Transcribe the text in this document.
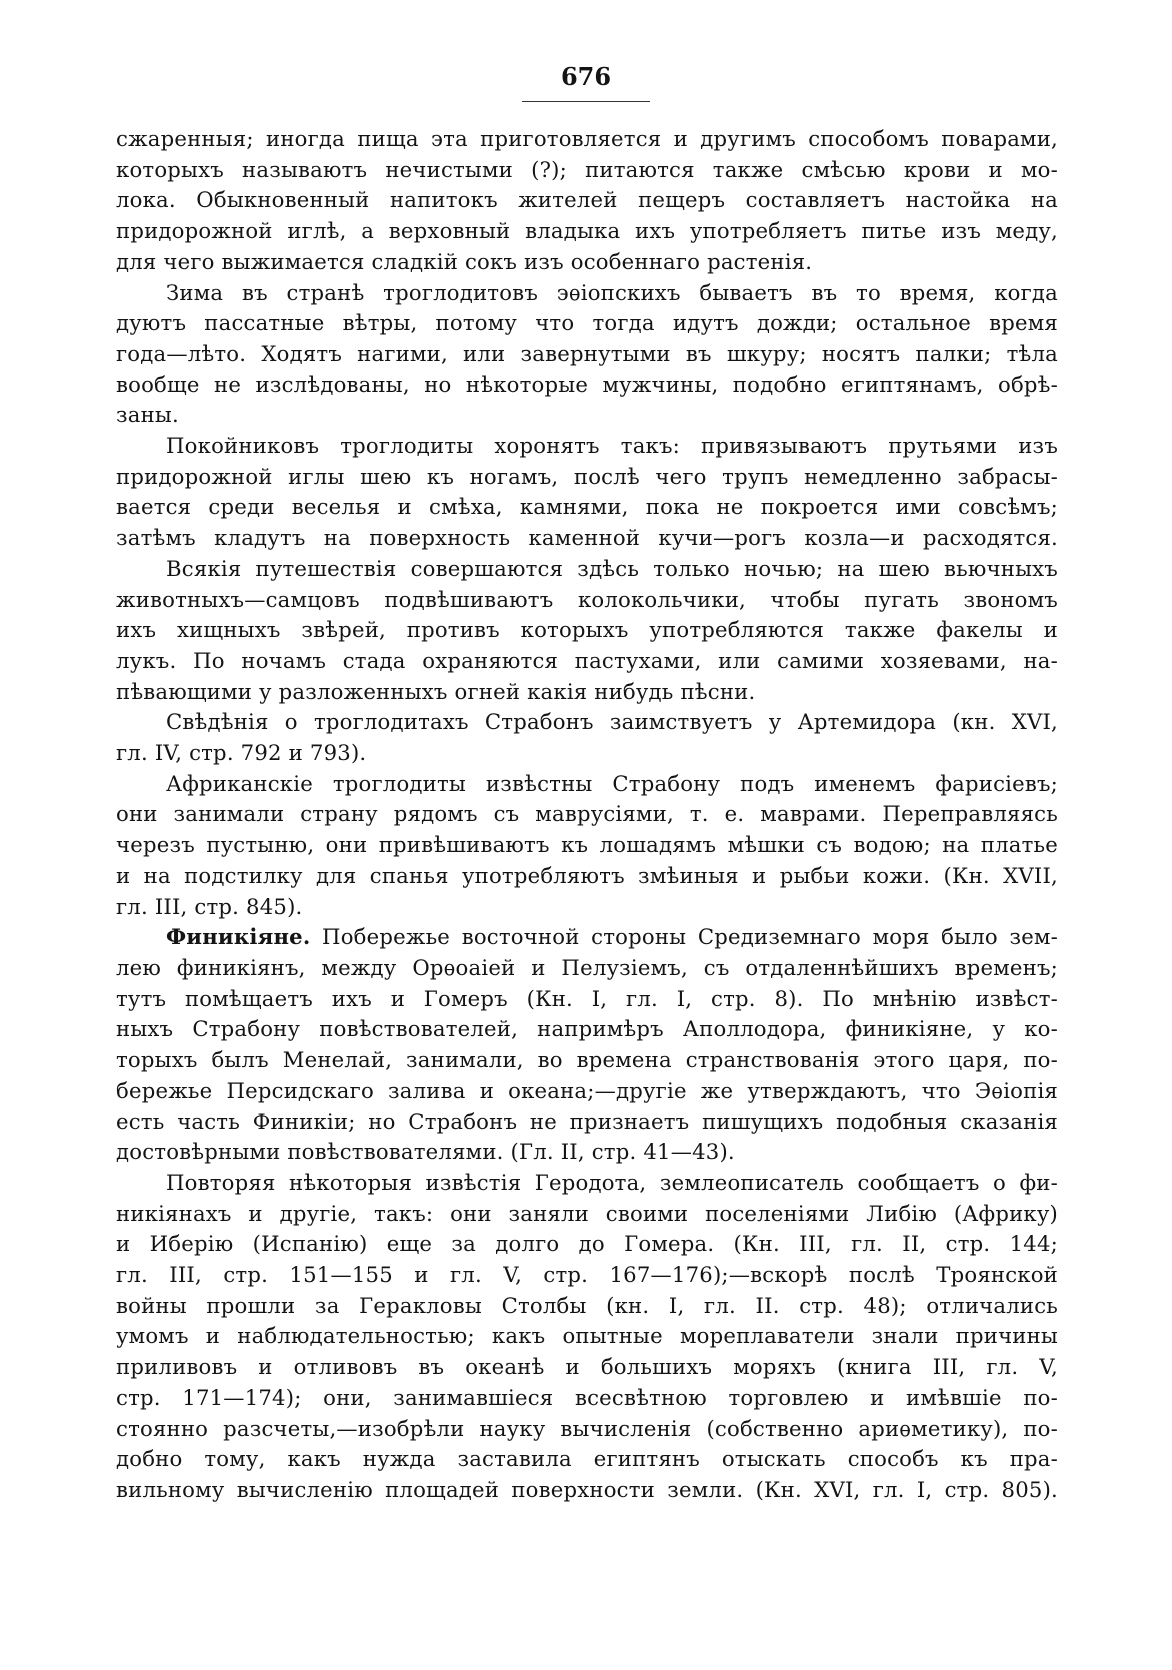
676

сжаренныя; иногда пища эта приготовляется и другимъ способомъ поварами,
которыхъ называютъ нечистыми (?); питаются также смѣсью крови и мо-
лока. Обыкновенный напитокъ жителей пещеръ составляетъ настойка на
придорожной иглѣ, а верховный владыка ихъ употребляетъ питье изъ меду,
для чего выжимается сладкій сокъ изъ особеннаго растенія.

Зима въ странѣ троглодитовъ эѳіопскихъ бываетъ въ то время, когда
дуютъ пассатные вѣтры, потому что тогда идутъ дожди; остальное время
года—лѣто. Ходятъ нагими, или завернутыми въ шкуру; носятъ палки; тѣла
вообще не изслѣдованы, но нѣкоторые мужчины, подобно египтянамъ, обрѣ-
заны.

Покойниковъ троглодиты хоронятъ такъ: привязываютъ прутьями изъ
придорожной иглы шею къ ногамъ, послѣ чего трупъ немедленно забрасы-
вается среди веселья и смѣха, камнями, пока не покроется ими совсѣмъ;
затѣмъ кладутъ на поверхность каменной кучи—рогъ козла—и расходятся.

Всякія путешествія совершаются здѣсь только ночью; на шею вьючныхъ
животныхъ—самцовъ подвѣшиваютъ колокольчики, чтобы пугать звономъ
ихъ хищныхъ звѣрей, противъ которыхъ употребляются также факелы и
лукъ. По ночамъ стада охраняются пастухами, или самими хозяевами, на-
пѣвающими у разложенныхъ огней какія нибудь пѣсни.

Свѣдѣнія о троглодитахъ Страбонъ заимствуетъ у Артемидора (кн. XVI,
гл. IV, стр. 792 и 793).

Африканскіе троглодиты извѣстны Страбону подъ именемъ фарисіевъ;
они занимали страну рядомъ съ маврусіями, т. е. маврами. Переправляясь
черезъ пустыню, они привѣшиваютъ къ лошадямъ мѣшки съ водою; на платье
и на подстилку для спанья употребляютъ змѣиныя и рыбьи кожи. (Кн. XVII,
гл. III, стр. 845).

Финикіяне. Побережье восточной стороны Средиземнаго моря было зем-
лею финикіянъ, между Орѳоаіей и Пелузіемъ, съ отдаленнѣйшихъ временъ;
тутъ помѣщаетъ ихъ и Гомеръ (Кн. I, гл. I, стр. 8). По мнѣнію извѣст-
ныхъ Страбону повѣствователей, напримѣръ Аполлодора, финикіяне, у ко-
торыхъ былъ Менелай, занимали, во времена странствованія этого царя, по-
бережье Персидскаго залива и океана;—другіе же утверждаютъ, что Эѳіопія
есть часть Финикіи; но Страбонъ не признаетъ пишущихъ подобныя сказанія
достовѣрными повѣствователями. (Гл. II, стр. 41—43).

Повторяя нѣкоторыя извѣстія Геродота, землеописатель сообщаетъ о фи-
никіянахъ и другіе, такъ: они заняли своими поселеніями Либію (Африку)
и Иберію (Испанію) еще за долго до Гомера. (Кн. III, гл. II, стр. 144;
гл. III, стр. 151—155 и гл. V, стр. 167—176);—вскорѣ послѣ Троянской
войны прошли за Геракловы Столбы (кн. I, гл. II. стр. 48); отличались
умомъ и наблюдательностью; какъ опытные мореплаватели знали причины
приливовъ и отливовъ въ океанѣ и большихъ моряхъ (книга III, гл. V,
стр. 171—174); они, занимавшіеся всесвѣтною торговлею и имѣвшіе по-
стоянно разсчеты,—изобрѣли науку вычисленія (собственно ариѳметику), по-
добно тому, какъ нужда заставила египтянъ отыскать способъ къ пра-
вильному вычисленію площадей поверхности земли. (Кн. XVI, гл. I, стр. 805).
